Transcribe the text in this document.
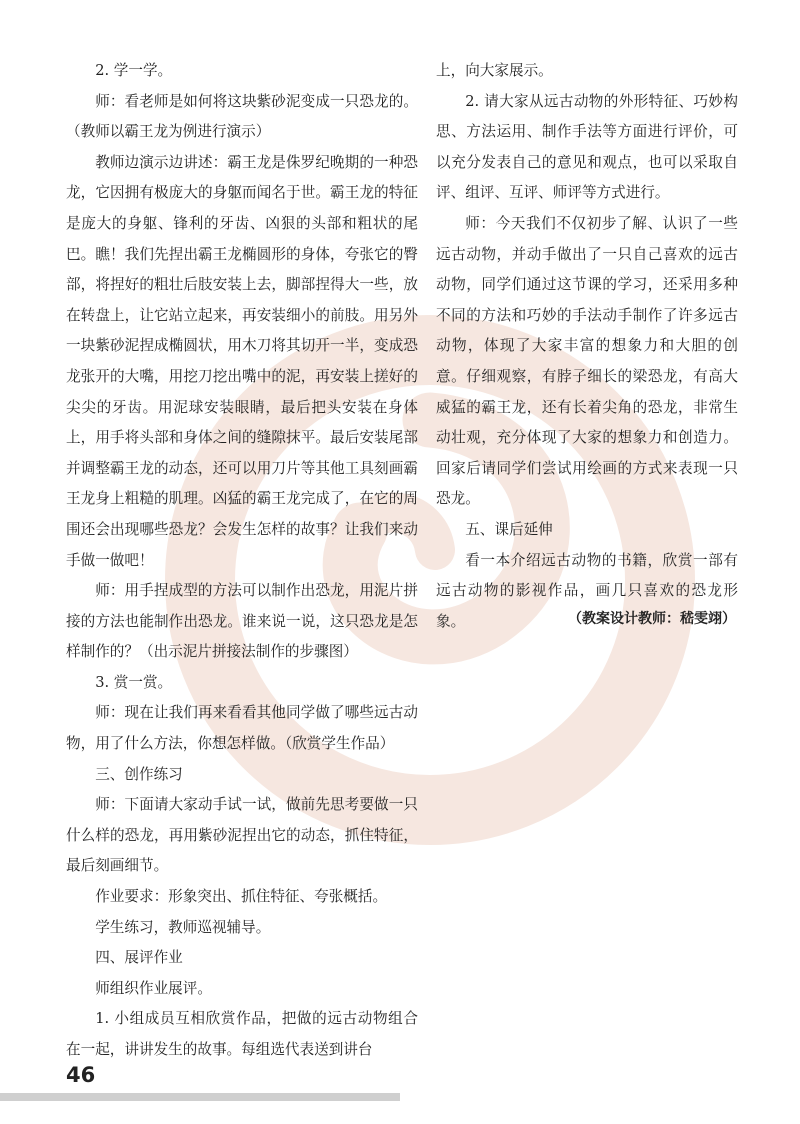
2. 学一学。

师：看老师是如何将这块紫砂泥变成一只恐龙的。（教师以霸王龙为例进行演示）

教师边演示边讲述：霸王龙是侏罗纪晚期的一种恐龙，它因拥有极庞大的身躯而闻名于世。霸王龙的特征是庞大的身躯、锋利的牙齿、凶狠的头部和粗状的尾巴。瞧！我们先捏出霸王龙椭圆形的身体，夸张它的臀部，将捏好的粗壮后肢安装上去，脚部捏得大一些，放在转盘上，让它站立起来，再安装细小的前肢。用另外一块紫砂泥捏成椭圆状，用木刀将其切开一半，变成恐龙张开的大嘴，用挖刀挖出嘴中的泥，再安装上搓好的尖尖的牙齿。用泥球安装眼睛，最后把头安装在身体上，用手将头部和身体之间的缝隙抹平。最后安装尾部并调整霸王龙的动态，还可以用刀片等其他工具刻画霸王龙身上粗糙的肌理。凶猛的霸王龙完成了，在它的周围还会出现哪些恐龙？会发生怎样的故事？让我们来动手做一做吧！

师：用手捏成型的方法可以制作出恐龙，用泥片拼接的方法也能制作出恐龙。谁来说一说，这只恐龙是怎样制作的？（出示泥片拼接法制作的步骤图）

3. 赏一赏。

师：现在让我们再来看看其他同学做了哪些远古动物，用了什么方法，你想怎样做。（欣赏学生作品）

三、创作练习

师：下面请大家动手试一试，做前先思考要做一只什么样的恐龙，再用紫砂泥捏出它的动态，抓住特征，最后刻画细节。

作业要求：形象突出、抓住特征、夸张概括。

学生练习，教师巡视辅导。

四、展评作业

师组织作业展评。

1. 小组成员互相欣赏作品，把做的远古动物组合在一起，讲讲发生的故事。每组选代表送到讲台

上，向大家展示。

2. 请大家从远古动物的外形特征、巧妙构思、方法运用、制作手法等方面进行评价，可以充分发表自己的意见和观点，也可以采取自评、组评、互评、师评等方式进行。

师：今天我们不仅初步了解、认识了一些远古动物，并动手做出了一只自己喜欢的远古动物，同学们通过这节课的学习，还采用多种不同的方法和巧妙的手法动手制作了许多远古动物，体现了大家丰富的想象力和大胆的创意。仔细观察，有脖子细长的梁恐龙，有高大威猛的霸王龙，还有长着尖角的恐龙，非常生动壮观，充分体现了大家的想象力和创造力。回家后请同学们尝试用绘画的方式来表现一只恐龙。

五、课后延伸

看一本介绍远古动物的书籍，欣赏一部有远古动物的影视作品，画几只喜欢的恐龙形象。	（教案设计教师：嵇雯翊）
46
